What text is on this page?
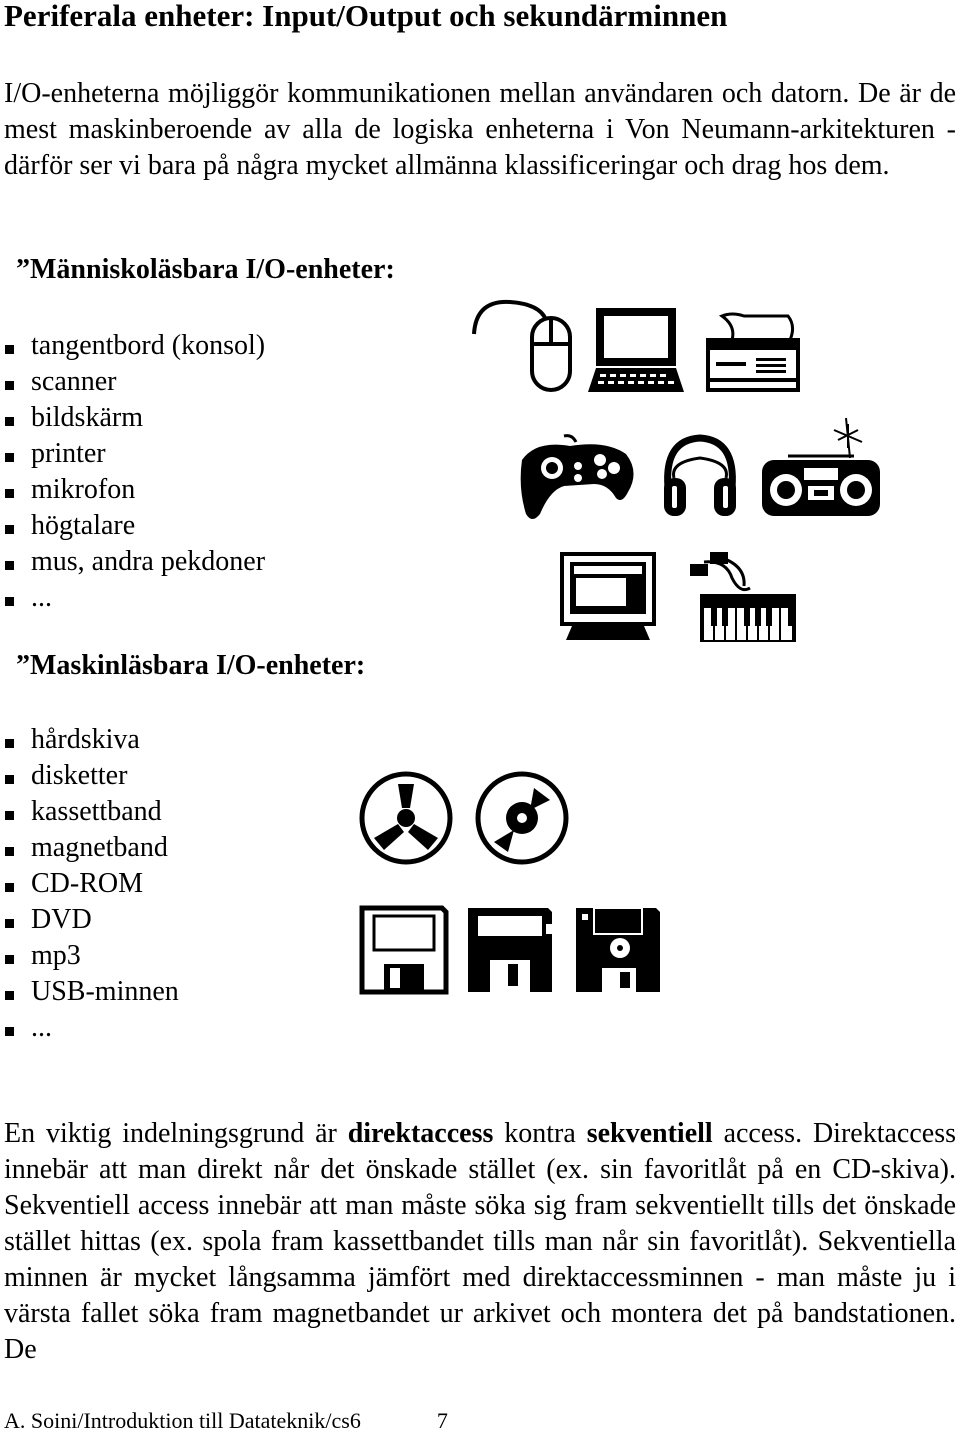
Periferala enheter: Input/Output och sekundärminnen

I/O-enheterna möjliggör kommunikationen mellan användaren och datorn. De är de mest maskinberoende av alla de logiska enheterna i Von Neumann-arkitekturen - därför ser vi bara på några mycket allmänna klassificeringar och drag hos dem.

”Människoläsbara I/O-enheter:
tangentbord (konsol)
scanner
bildskärm
printer
mikrofon
högtalare
mus, andra pekdoner
...
”Maskinläsbara I/O-enheter:
hårdskiva
disketter
kassettband
magnetband
CD-ROM
DVD
mp3
USB-minnen
...

En viktig indelningsgrund är direktaccess kontra sekventiell access. Direktaccess innebär att man direkt når det önskade stället (ex. sin favoritlåt på en CD-skiva). Sekventiell access innebär att man måste söka sig fram sekventiellt tills det önskade stället hittas (ex. spola fram kassettbandet tills man når sin favoritlåt). Sekventiella minnen är mycket långsamma jämfört med direktaccessminnen - man måste ju i värsta fallet söka fram magnetbandet ur arkivet och montera det på bandstationen. De

A. Soini/Introduktion till Datateknik/cs6	7
